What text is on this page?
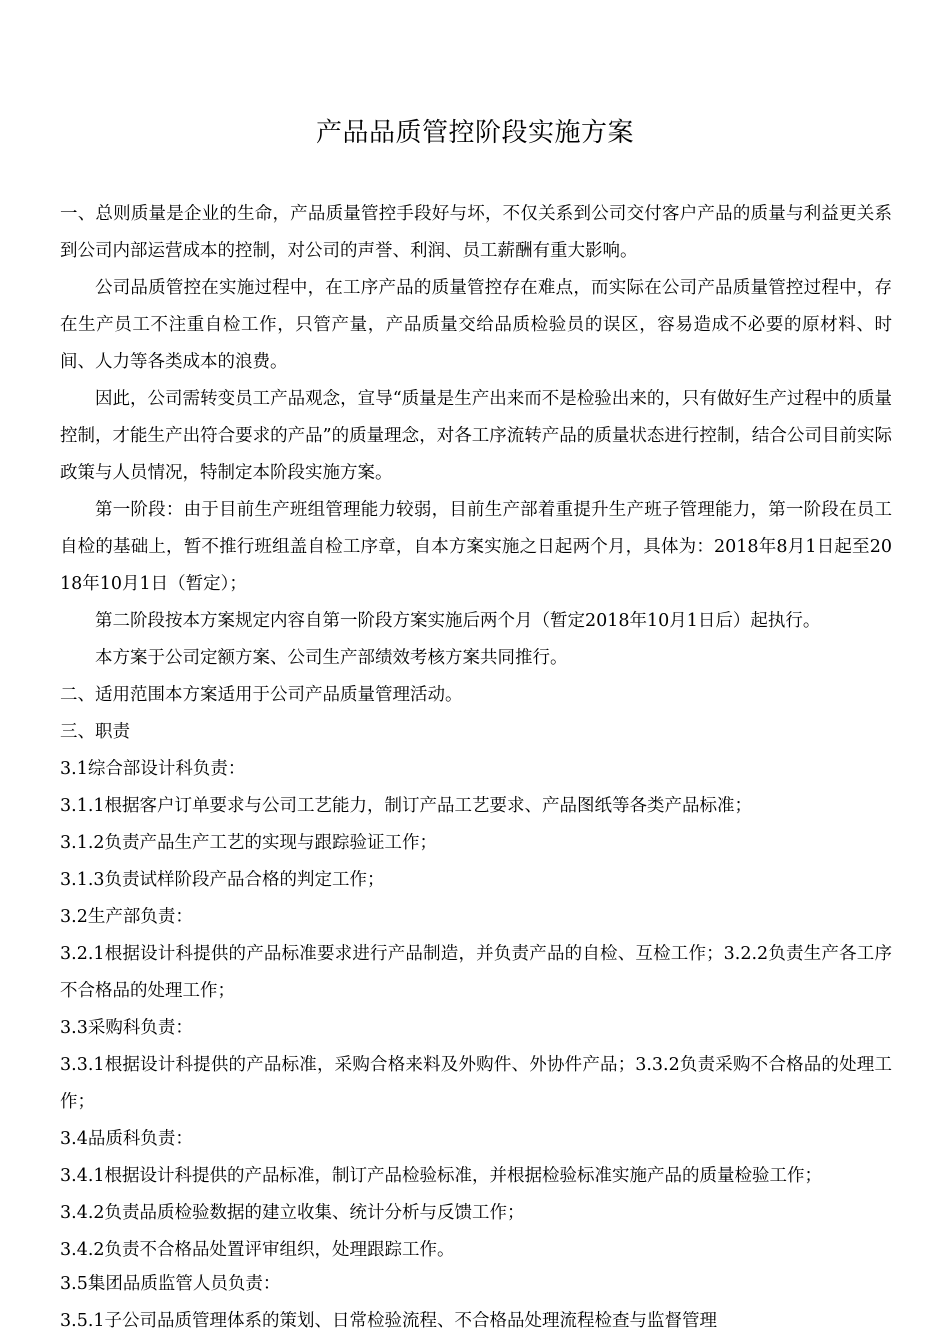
产品品质管控阶段实施方案

一、总则质量是企业的生命，产品质量管控手段好与坏，不仅关系到公司交付客户产品的质量与利益更关系到公司内部运营成本的控制，对公司的声誉、利润、员工薪酬有重大影响。

公司品质管控在实施过程中，在工序产品的质量管控存在难点，而实际在公司产品质量管控过程中，存在生产员工不注重自检工作，只管产量，产品质量交给品质检验员的误区，容易造成不必要的原材料、时间、人力等各类成本的浪费。

因此，公司需转变员工产品观念，宣导“质量是生产出来而不是检验出来的，只有做好生产过程中的质量控制，才能生产出符合要求的产品”的质量理念，对各工序流转产品的质量状态进行控制，结合公司目前实际政策与人员情况，特制定本阶段实施方案。

第一阶段：由于目前生产班组管理能力较弱，目前生产部着重提升生产班子管理能力，第一阶段在员工自检的基础上，暂不推行班组盖自检工序章，自本方案实施之日起两个月，具体为：2018年8月1日起至2018年10月1日（暂定）；

第二阶段按本方案规定内容自第一阶段方案实施后两个月（暂定2018年10月1日后）起执行。

本方案于公司定额方案、公司生产部绩效考核方案共同推行。

二、适用范围本方案适用于公司产品质量管理活动。

三、职责

3.1综合部设计科负责：

3.1.1根据客户订单要求与公司工艺能力，制订产品工艺要求、产品图纸等各类产品标准；

3.1.2负责产品生产工艺的实现与跟踪验证工作；

3.1.3负责试样阶段产品合格的判定工作；

3.2生产部负责：

3.2.1根据设计科提供的产品标准要求进行产品制造，并负责产品的自检、互检工作；3.2.2负责生产各工序不合格品的处理工作；

3.3采购科负责：

3.3.1根据设计科提供的产品标准，采购合格来料及外购件、外协件产品；3.3.2负责采购不合格品的处理工作；

3.4品质科负责：

3.4.1根据设计科提供的产品标准，制订产品检验标准，并根据检验标准实施产品的质量检验工作；

3.4.2负责品质检验数据的建立收集、统计分析与反馈工作；

3.4.2负责不合格品处置评审组织，处理跟踪工作。

3.5集团品质监管人员负责：

3.5.1子公司品质管理体系的策划、日常检验流程、不合格品处理流程检查与监督管理
